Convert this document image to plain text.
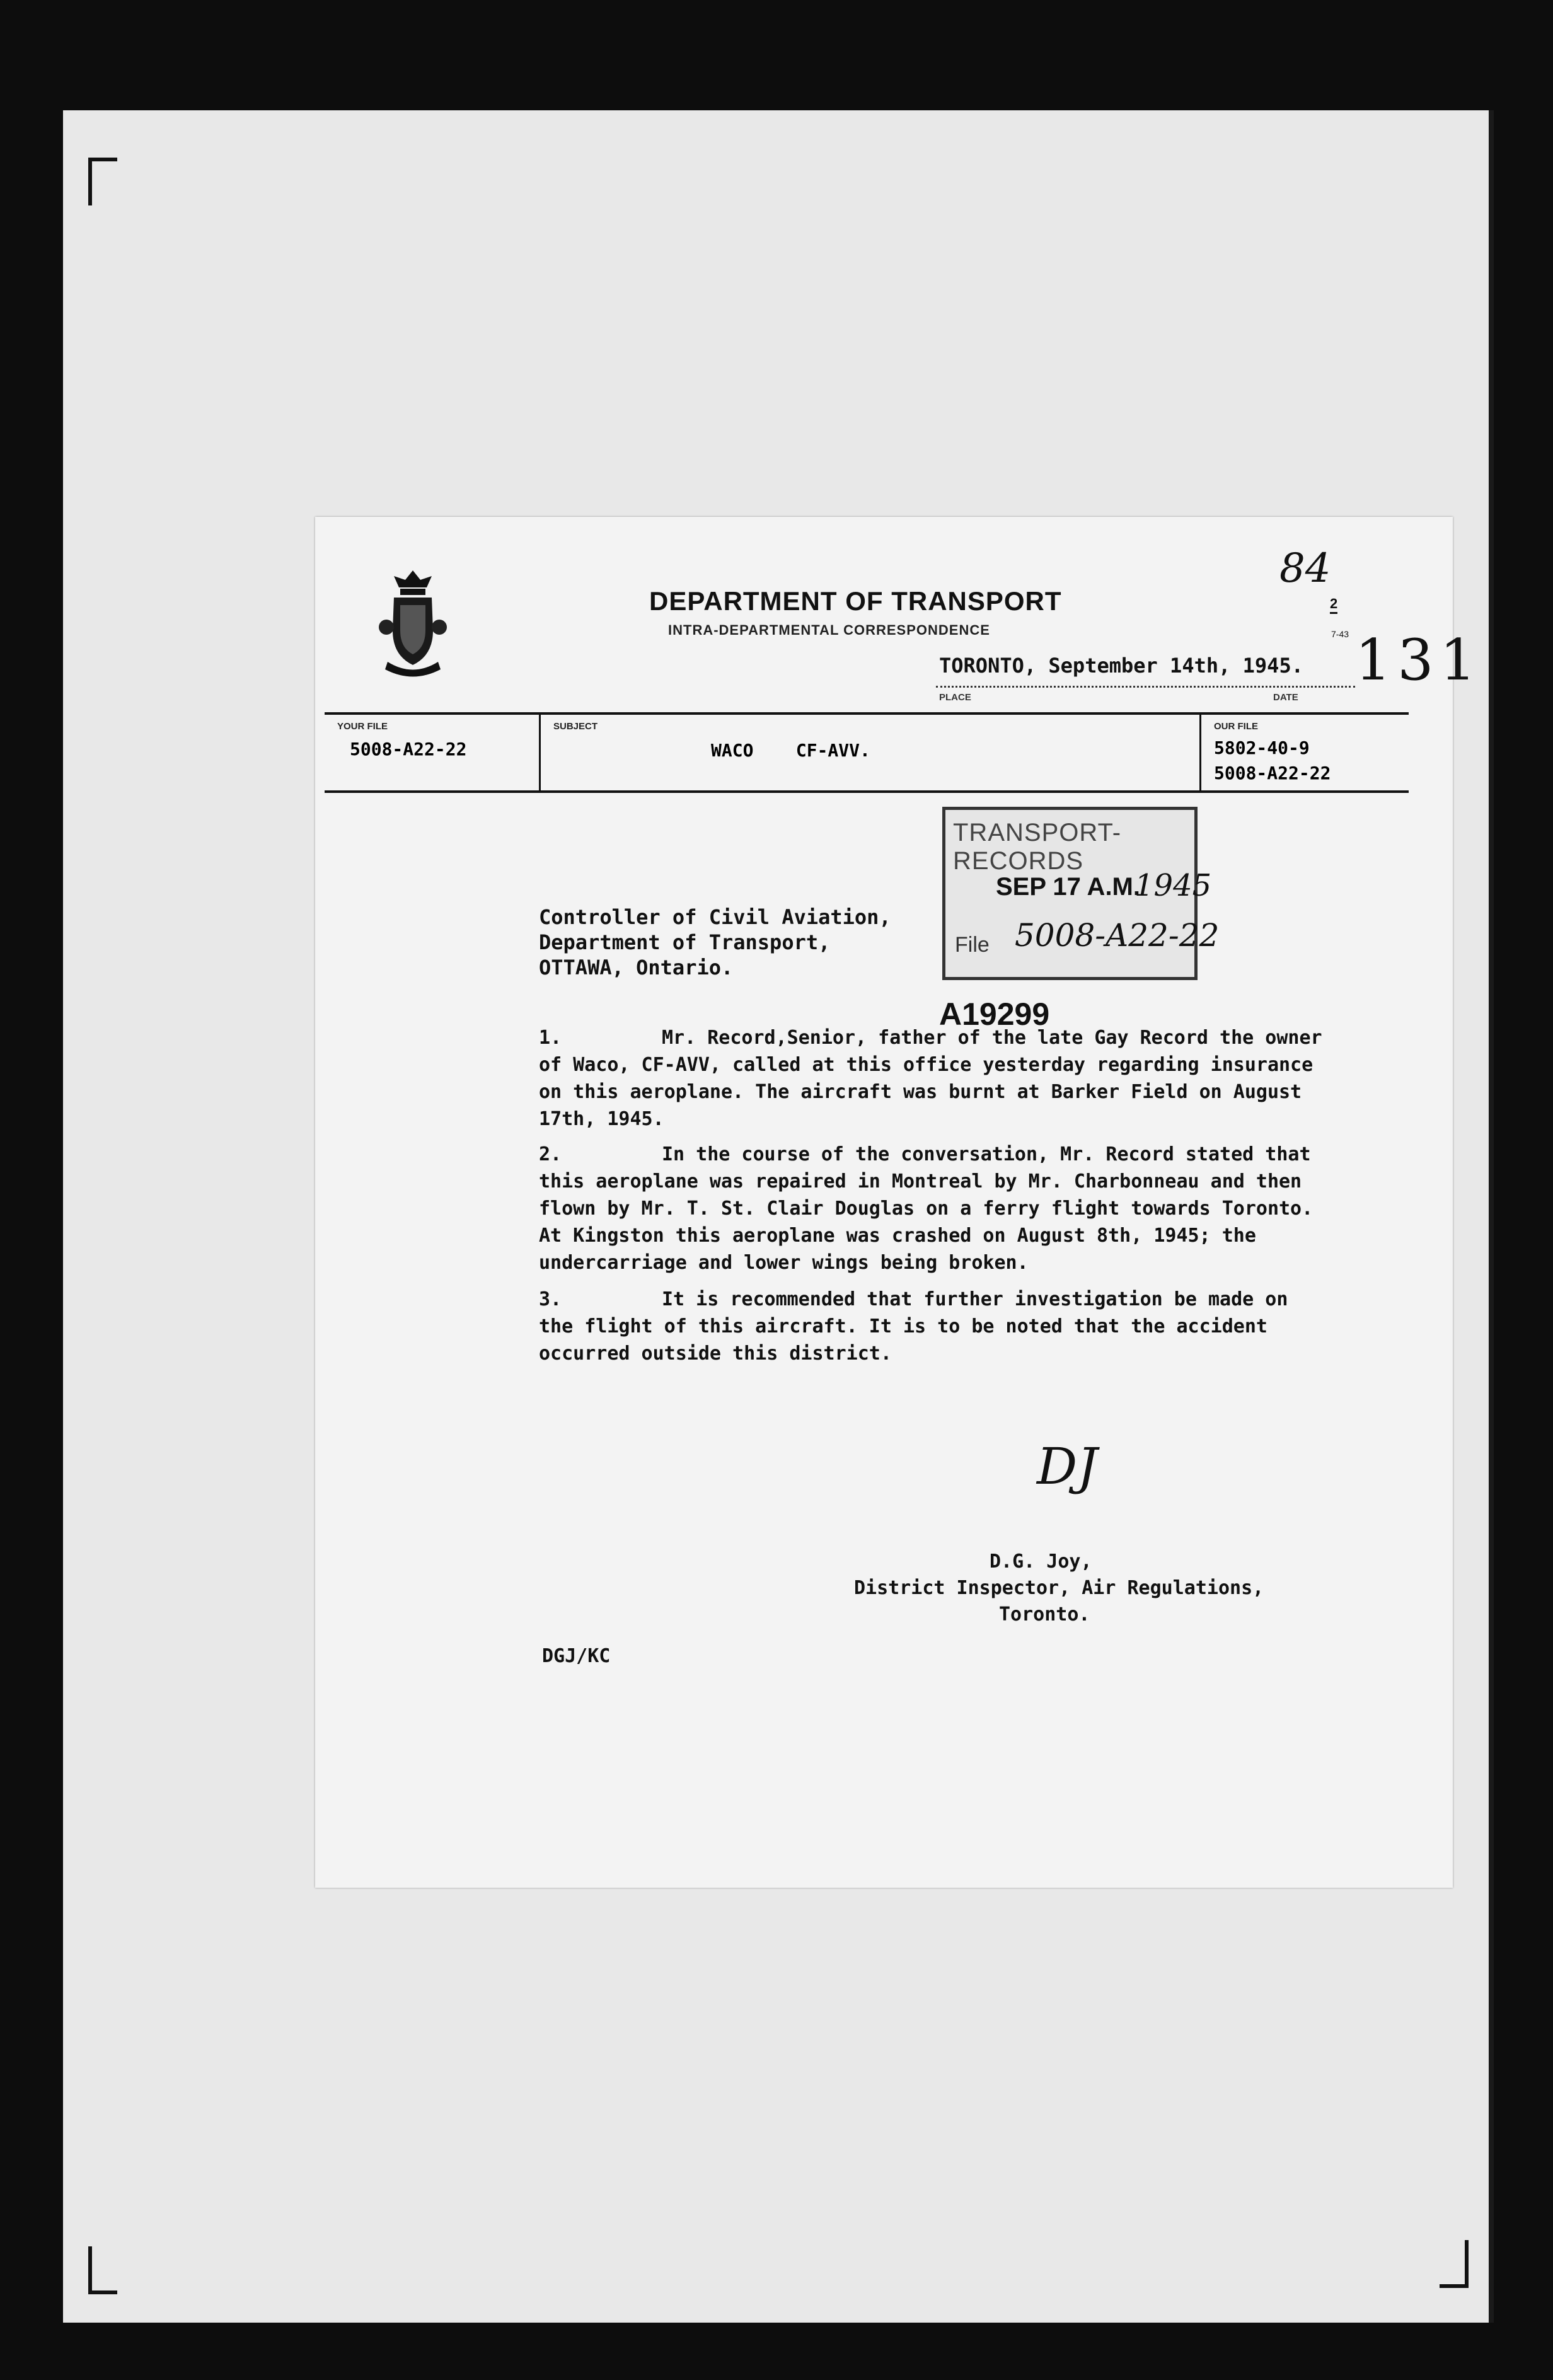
DEPARTMENT OF TRANSPORT
INTRA-DEPARTMENTAL CORRESPONDENCE
84
2
7-43 131
TORONTO, September 14th, 1945.
PLACE	DATE
YOUR FILE
5008-A22-22
SUBJECT
WACO    CF-AVV.
OUR FILE
5802-40-9
5008-A22-22
TRANSPORT-RECORDS
SEP 17 A.M.
1945
File 5008-A22-22
Controller of Civil Aviation,
Department of Transport,
OTTAWA, Ontario.
A19299
1.	Mr. Record,Senior, father of the late Gay Record the owner of Waco, CF-AVV, called at this office yesterday regarding insurance on this aeroplane. The aircraft was burnt at Barker Field on August 17th, 1945.
2.	In the course of the conversation, Mr. Record stated that this aeroplane was repaired in Montreal by Mr. Charbonneau and then flown by Mr. T. St. Clair Douglas on a ferry flight towards Toronto. At Kingston this aeroplane was crashed on August 8th, 1945; the undercarriage and lower wings being broken.
3.	It is recommended that further investigation be made on the flight of this aircraft. It is to be noted that the accident occurred outside this district.
DJ
D.G. Joy,
District Inspector, Air Regulations,
Toronto.
DGJ/KC
